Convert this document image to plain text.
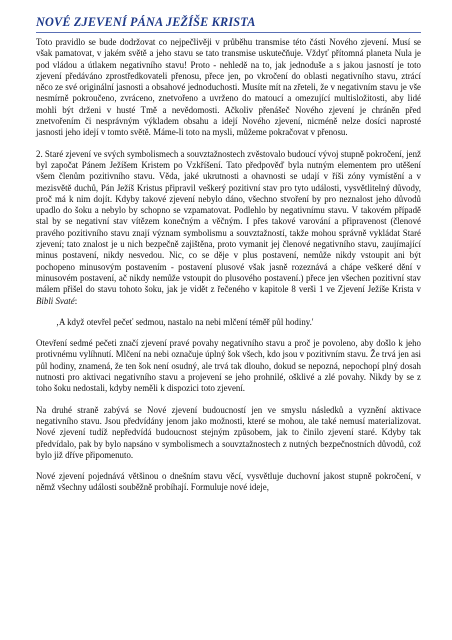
NOVÉ ZJEVENÍ PÁNA JEŽÍŠE KRISTA

Toto pravidlo se bude dodržovat co nejpečlivěji v průběhu transmise této části Nového zjevení. Musí se však pamatovat, v jakém světě a jeho stavu se tato transmise uskutečňuje. Vždyť přítomná planeta Nula je pod vládou a útlakem negativního stavu! Proto - nehledě na to, jak jednoduše a s jakou jasností je toto zjevení předáváno zprostředkovateli přenosu, přece jen, po vkročení do oblasti negativního stavu, ztrácí něco ze své originální jasnosti a obsahové jednoduchosti. Musíte mít na zřeteli, že v negativním stavu je vše nesmírně pokroučeno, zvráceno, znetvořeno a uvrženo do matoucí a omezující multisložitosti, aby lidé mohli být drženi v husté Tmě a nevědomosti. Ačkoliv přenášeč Nového zjevení je chráněn před znetvořením či nesprávným výkladem obsahu a idejí Nového zjevení, nicméně nelze dosíci naprosté jasnosti jeho idejí v tomto světě. Máme-li toto na mysli, můžeme pokračovat v přenosu.

2. Staré zjevení ve svých symbolismech a souvztažnostech zvěstovalo budoucí vývoj stupně pokročení, jenž byl započat Pánem Ježíšem Kristem po Vzkříšení. Tato předpověď byla nutným elementem pro utěšení všem členům pozitivního stavu. Věda, jaké ukrutnosti a ohavnosti se udají v říši zóny vymístění a v mezisvětě duchů, Pán Ježíš Kristus připravil veškerý pozitivní stav pro tyto události, vysvětlitelný důvody, proč má k nim dojít. Kdyby takové zjevení nebylo dáno, všechno stvoření by pro neznalost jeho důvodů upadlo do šoku a nebylo by schopno se vzpamatovat. Podlehlo by negativnímu stavu. V takovém případě stal by se negativní stav vítězem konečným a věčným. I přes takové varování a připravenost (členové pravého pozitivního stavu znají význam symbolismu a souvztažností, takže mohou správně vykládat Staré zjevení; tato znalost je u nich bezpečně zajištěna, proto vymanit jej členové negativního stavu, zaujímající minus postavení, nikdy nesvedou. Nic, co se děje v plus postavení, nemůže nikdy vstoupit ani být pochopeno minusovým postavením - postavení plusové však jasně rozeznává a chápe veškeré dění v minusovém postavení, ač nikdy nemůže vstoupit do plusového postavení.) přece jen všechen pozitivní stav málem přišel do stavu tohoto šoku, jak je vidět z řečeného v kapitole 8 verši 1 ve Zjevení Ježíše Krista v Bibli Svaté:

‚A když otevřel pečeť sedmou, nastalo na nebi mlčení téměř půl hodiny.'

Otevření sedmé pečeti značí zjevení pravé povahy negativního stavu a proč je povoleno, aby došlo k jeho protivnému vylíhnutí. Mlčení na nebi označuje úplný šok všech, kdo jsou v pozitivním stavu. Že trvá jen asi půl hodiny, znamená, že ten šok není osudný, ale trvá tak dlouho, dokud se nepozná, nepochopí plný dosah nutnosti pro aktivaci negativního stavu a projevení se jeho prohnilé, ošklivé a zlé povahy. Nikdy by se z toho šoku nedostali, kdyby neměli k dispozici toto zjevení.

Na druhé straně zabývá se Nové zjevení budoucností jen ve smyslu následků a vyznění aktivace negativního stavu. Jsou předvídány jenom jako možnosti, které se mohou, ale také nemusí materializovat. Nové zjevení tudíž nepředvídá budoucnost stejným způsobem, jak to činilo zjevení staré. Kdyby tak předvídalo, pak by bylo napsáno v symbolismech a souvztažnostech z nutných bezpečnostních důvodů, což bylo již dříve připomenuto.

Nové zjevení pojednává většinou o dnešním stavu věcí, vysvětluje duchovní jakost stupně pokročení, v němž všechny události souběžně probíhají. Formuluje nové ideje,
